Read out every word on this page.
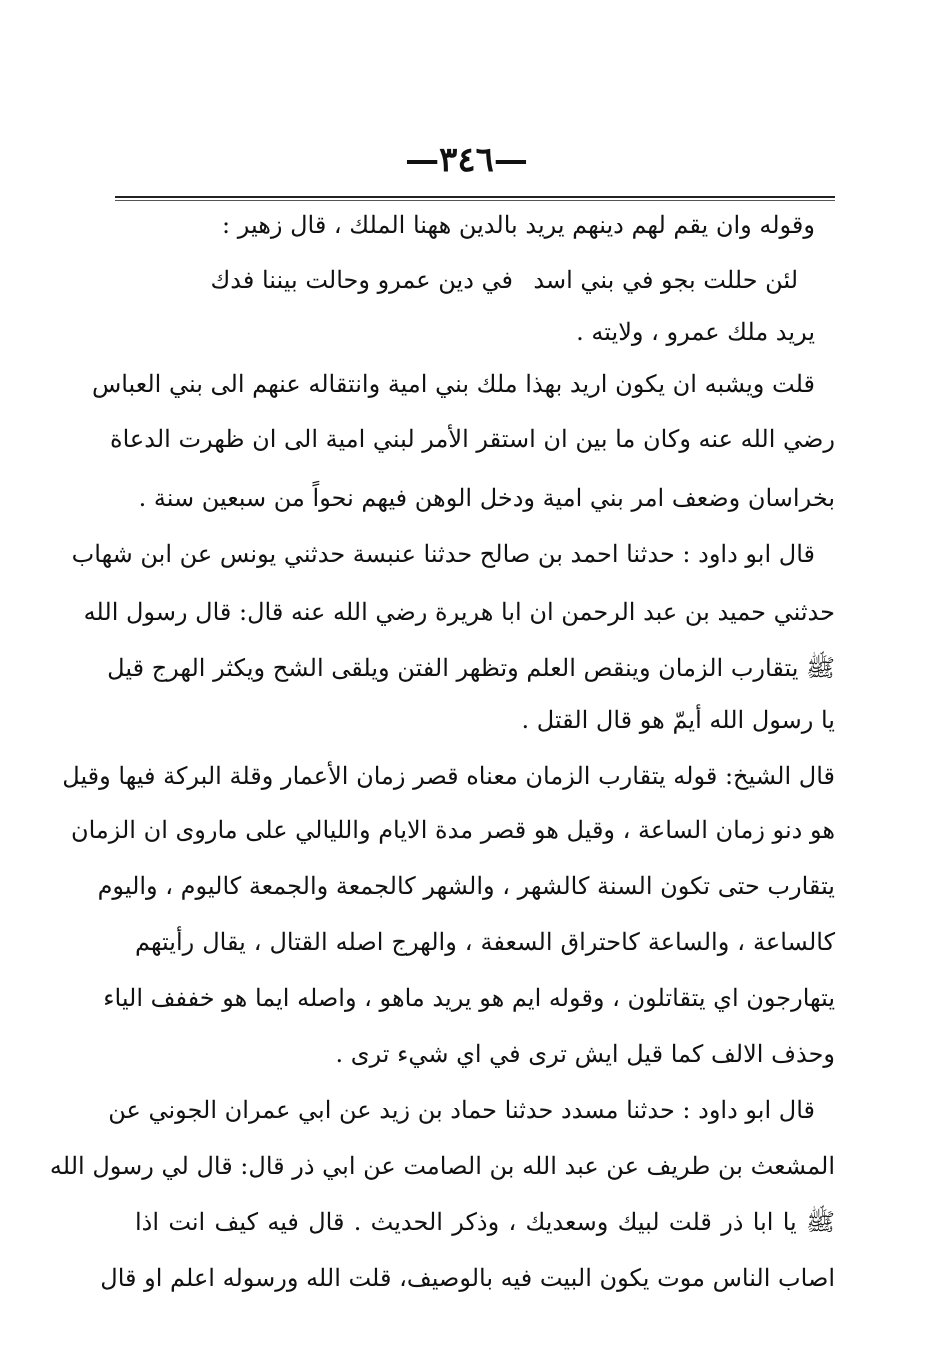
—٣٤٦—
وقوله وان يقم لهم دينهم يريد بالدين ههنا الملك ، قال زهير :
لئن حللت بجو في بني اسد
في دين عمرو وحالت بيننا فدك
يريد ملك عمرو ، ولايته .
قلت ويشبه ان يكون اريد بهذا ملك بني امية وانتقاله عنهم الى بني العباس
رضي الله عنه وكان ما بين ان استقر الأمر لبني امية الى ان ظهرت الدعاة
بخراسان وضعف امر بني امية ودخل الوهن فيهم نحواً من سبعين سنة .
قال ابو داود : حدثنا احمد بن صالح حدثنا عنبسة حدثني يونس عن ابن شهاب
حدثني حميد بن عبد الرحمن ان ابا هريرة رضي الله عنه قال: قال رسول الله
ﷺ يتقارب الزمان وينقص العلم وتظهر الفتن ويلقى الشح ويكثر الهرج قيل
يا رسول الله أيمّ هو قال القتل .
قال الشيخ: قوله يتقارب الزمان معناه قصر زمان الأعمار وقلة البركة فيها وقيل
هو دنو زمان الساعة ، وقيل هو قصر مدة الايام والليالي على ماروى ان الزمان
يتقارب حتى تكون السنة كالشهر ، والشهر كالجمعة والجمعة كاليوم ، واليوم
كالساعة ، والساعة كاحتراق السعفة ، والهرج اصله القتال ، يقال رأيتهم
يتهارجون اي يتقاتلون ، وقوله ايم هو يريد ماهو ، واصله ايما هو خففف الياء
وحذف الالف كما قيل ايش ترى في اي شيء ترى .
قال ابو داود : حدثنا مسدد حدثنا حماد بن زيد عن ابي عمران الجوني عن
المشعث بن طريف عن عبد الله بن الصامت عن ابي ذر قال: قال لي رسول الله
ﷺ يا ابا ذر قلت لبيك وسعديك ، وذكر الحديث . قال فيه كيف انت اذا
اصاب الناس موت يكون البيت فيه بالوصيف، قلت الله ورسوله اعلم او قال
